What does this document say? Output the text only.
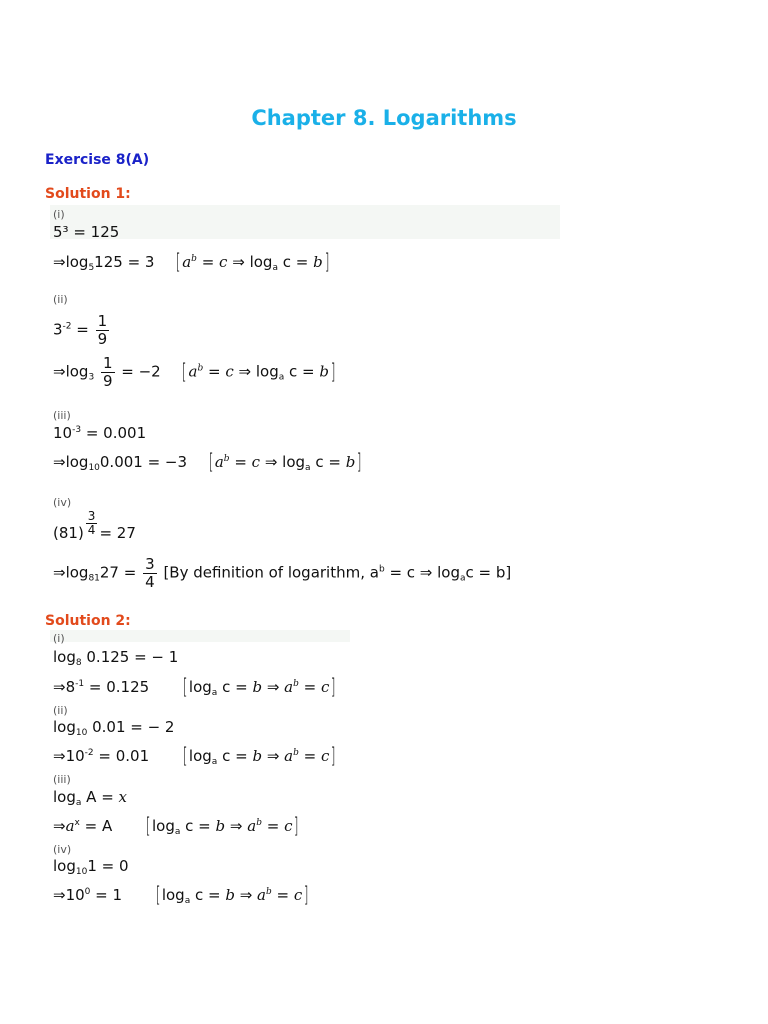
Chapter 8. Logarithms
Exercise 8(A)
Solution 1:
(i)
5³ = 125
$\Rightarrow\log_5125 = 3$ [ $a^b = c$ ⇒ $\log_a c = b$]
(ii)
$3^{-2} = \frac{1}{9}$
$\Rightarrow\log_3 \frac{1}{9} = -2$ [ $a^b = c$ ⇒ $\log_a c = b$]
(iii)
$10^{-3} = 0.001$
$\Rightarrow\log_{10}0.001 = -3$ [ $a^b = c$ ⇒ $\log_a c = b$]
(iv)
$(81) \frac{3}{4} = 27$
$\Rightarrow\log_{81}27 = \frac{3}{4} [By$ definition of logarithm, $a^b = c$ ⇒ $\log_ac = b$]
Solution 2:
(i)
$\log_8 0.125$ = − 1
$\Rightarrow 8^{-1} = 0.125$ [ $\log_a c = b$ ⇒ $a^b = c$]
(ii)
$\log_{10} 0.01$ = − 2
$\Rightarrow 10^{-2} = 0.01$ [ $\log_a c = b$ ⇒ $a^b = c$]
(iii)
$\log_a A = x$
$\Rightarrow a^x = A$ [ $\log_a c = b$ ⇒ $a^b = c$]
(iv)
$\log_{10}1 = 0$
$\Rightarrow 10^0 = 1$ [ $\log_a c = b$ ⇒ $a^b = c$]
